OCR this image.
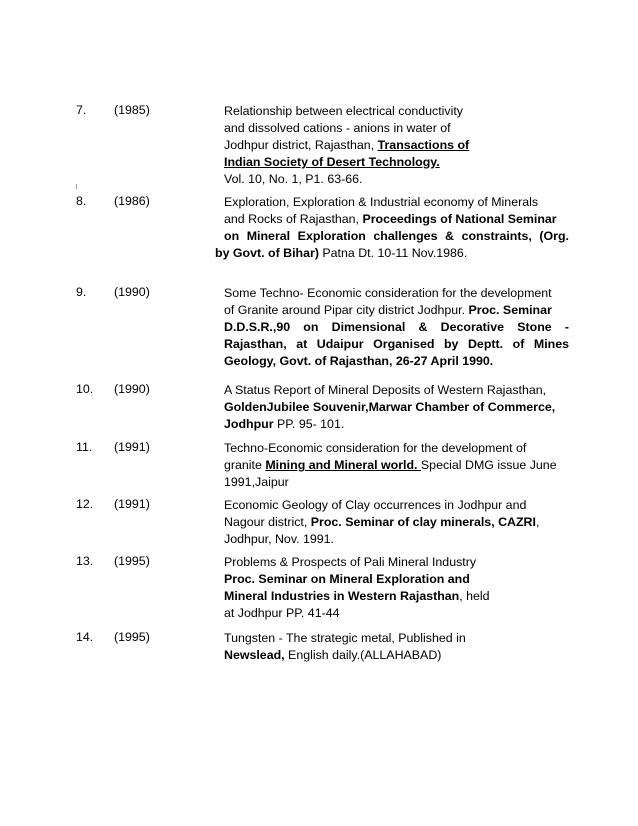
|
7. (1985)	Relationship between electrical conductivity
and dissolved cations - anions in water of
Jodhpur district, Rajasthan, Transactions of
Indian Society of Desert Technology.
Vol. 10, No. 1, P1. 63-66.
8. (1986)	Exploration, Exploration & Industrial economy of Minerals
and Rocks of Rajasthan, Proceedings of National Seminar
on Mineral Exploration challenges & constraints, (Org.
by Govt. of Bihar) Patna Dt. 10-11 Nov.1986.
9. (1990)	Some Techno- Economic consideration for the development
of Granite around Pipar city district Jodhpur. Proc. Seminar
D.D.S.R.,90 on Dimensional & Decorative Stone -
Rajasthan, at Udaipur Organised by Deptt. of Mines
Geology, Govt. of Rajasthan, 26-27 April 1990.
10. (1990)	A Status Report of Mineral Deposits of Western Rajasthan,
GoldenJubilee Souvenir,Marwar Chamber of Commerce,
Jodhpur PP. 95- 101.
11. (1991)	Techno-Economic consideration for the development of
granite Mining and Mineral world. Special DMG issue June
1991,Jaipur
12. (1991)	Economic Geology of Clay occurrences in Jodhpur and
Nagour district, Proc. Seminar of clay minerals, CAZRI,
Jodhpur, Nov. 1991.
13. (1995)	Problems & Prospects of Pali Mineral Industry
Proc. Seminar on Mineral Exploration and
Mineral Industries in Western Rajasthan, held
at Jodhpur PP. 41-44
14. (1995)	Tungsten - The strategic metal, Published in
Newslead, English daily.(ALLAHABAD)
